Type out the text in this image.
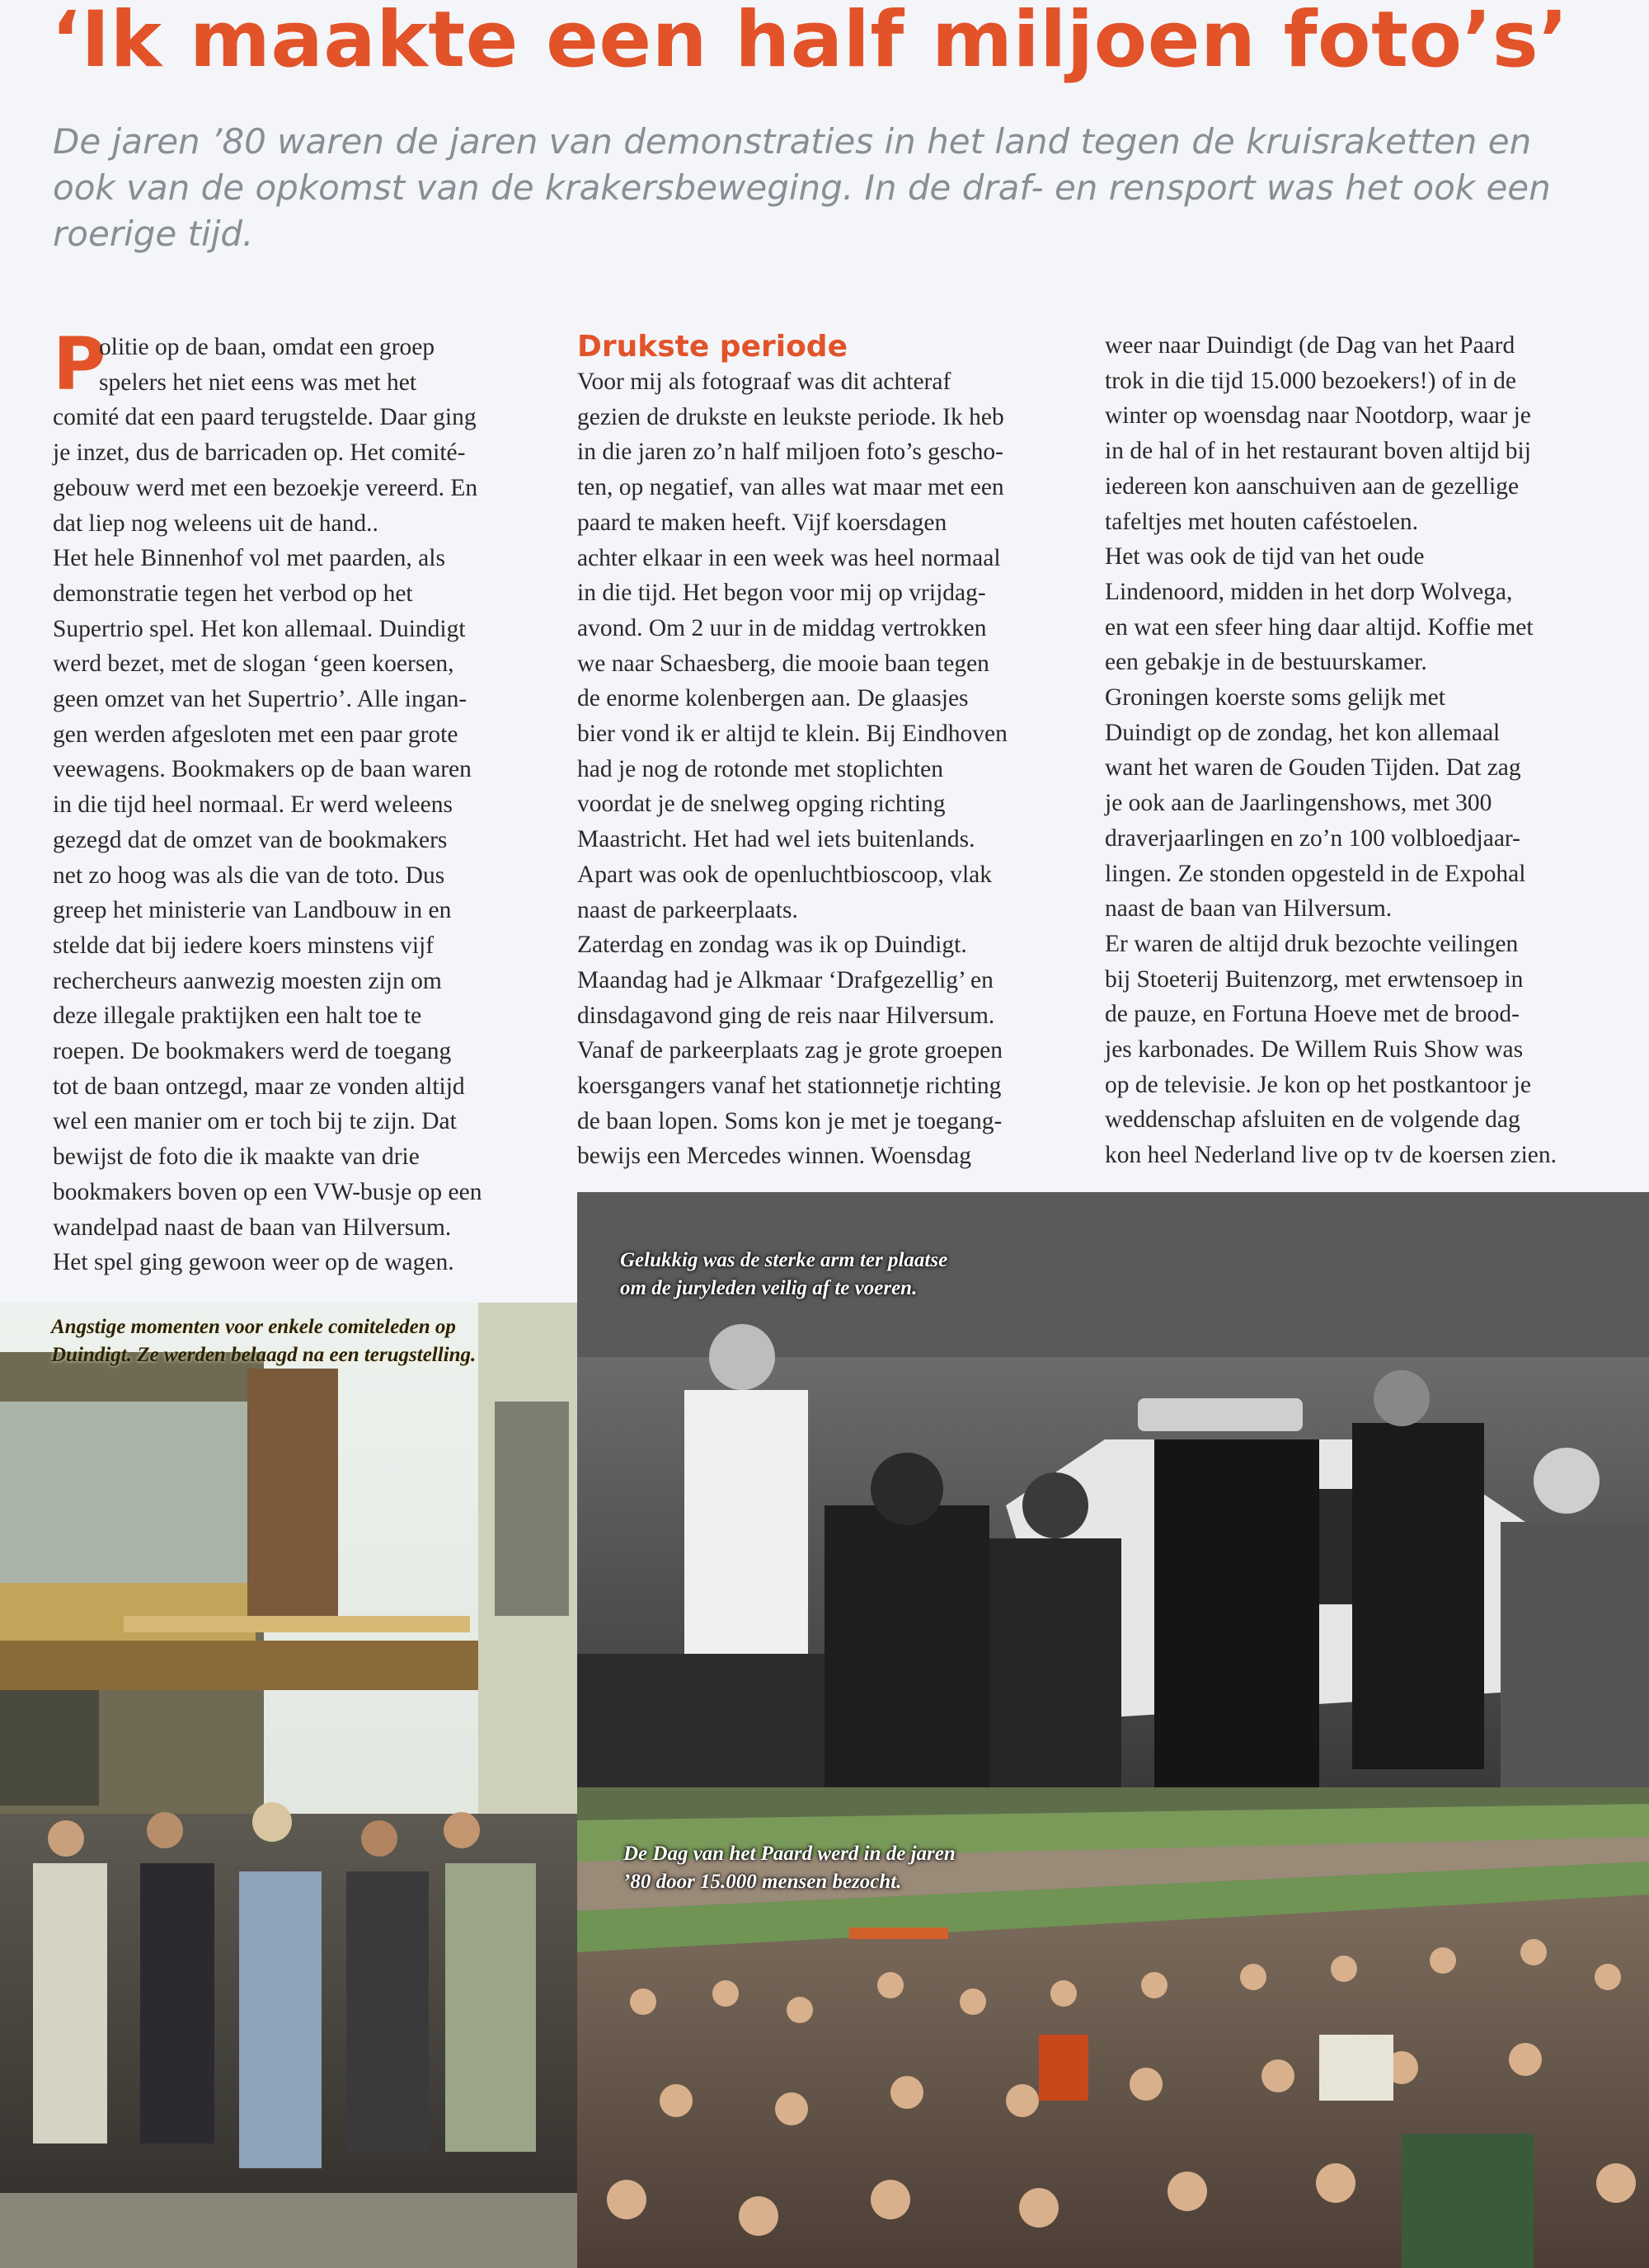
‘Ik maakte een half miljoen foto’s’
De jaren ’80 waren de jaren van demonstraties in het land tegen de kruisraketten en ook van de opkomst van de krakersbeweging. In de draf- en rensport was het ook een roerige tijd.
P
olitie op de baan, omdat een groep
spelers het niet eens was met het
comité dat een paard terugstelde. Daar ging
je inzet, dus de barricaden op. Het comité-
gebouw werd met een bezoekje vereerd. En
dat liep nog weleens uit de hand..
Het hele Binnenhof vol met paarden, als
demonstratie tegen het verbod op het
Supertrio spel. Het kon allemaal. Duindigt
werd bezet, met de slogan ‘geen koersen,
geen omzet van het Supertrio’. Alle ingan-
gen werden afgesloten met een paar grote
veewagens. Bookmakers op de baan waren
in die tijd heel normaal. Er werd weleens
gezegd dat de omzet van de bookmakers
net zo hoog was als die van de toto. Dus
greep het ministerie van Landbouw in en
stelde dat bij iedere koers minstens vijf
rechercheurs aanwezig moesten zijn om
deze illegale praktijken een halt toe te
roepen. De bookmakers werd de toegang
tot de baan ontzegd, maar ze vonden altijd
wel een manier om er toch bij te zijn. Dat
bewijst de foto die ik maakte van drie
bookmakers boven op een VW-busje op een
wandelpad naast de baan van Hilversum.
Het spel ging gewoon weer op de wagen.
Drukste periode
Voor mij als fotograaf was dit achteraf
gezien de drukste en leukste periode. Ik heb
in die jaren zo’n half miljoen foto’s gescho-
ten, op negatief, van alles wat maar met een
paard te maken heeft. Vijf koersdagen
achter elkaar in een week was heel normaal
in die tijd. Het begon voor mij op vrijdag-
avond. Om 2 uur in de middag vertrokken
we naar Schaesberg, die mooie baan tegen
de enorme kolenbergen aan. De glaasjes
bier vond ik er altijd te klein. Bij Eindhoven
had je nog de rotonde met stoplichten
voordat je de snelweg opging richting
Maastricht. Het had wel iets buitenlands.
Apart was ook de openluchtbioscoop, vlak
naast de parkeerplaats.
Zaterdag en zondag was ik op Duindigt.
Maandag had je Alkmaar ‘Drafgezellig’ en
dinsdagavond ging de reis naar Hilversum.
Vanaf de parkeerplaats zag je grote groepen
koersgangers vanaf het stationnetje richting
de baan lopen. Soms kon je met je toegang-
bewijs een Mercedes winnen. Woensdag
weer naar Duindigt (de Dag van het Paard
trok in die tijd 15.000 bezoekers!) of in de
winter op woensdag naar Nootdorp, waar je
in de hal of in het restaurant boven altijd bij
iedereen kon aanschuiven aan de gezellige
tafeltjes met houten caféstoelen.
Het was ook de tijd van het oude
Lindenoord, midden in het dorp Wolvega,
en wat een sfeer hing daar altijd. Koffie met
een gebakje in de bestuurskamer.
Groningen koerste soms gelijk met
Duindigt op de zondag, het kon allemaal
want het waren de Gouden Tijden. Dat zag
je ook aan de Jaarlingenshows, met 300
draverjaarlingen en zo’n 100 volbloedjaar-
lingen. Ze stonden opgesteld in de Expohal
naast de baan van Hilversum.
Er waren de altijd druk bezochte veilingen
bij Stoeterij Buitenzorg, met erwtensoep in
de pauze, en Fortuna Hoeve met de brood-
jes karbonades. De Willem Ruis Show was
op de televisie. Je kon op het postkantoor je
weddenschap afsluiten en de volgende dag
kon heel Nederland live op tv de koersen zien.
Angstige momenten voor enkele comiteleden op
Duindigt. Ze werden belaagd na een terugstelling.
Gelukkig was de sterke arm ter plaatse
om de juryleden veilig af te voeren.
De Dag van het Paard werd in de jaren
’80 door 15.000 mensen bezocht.
